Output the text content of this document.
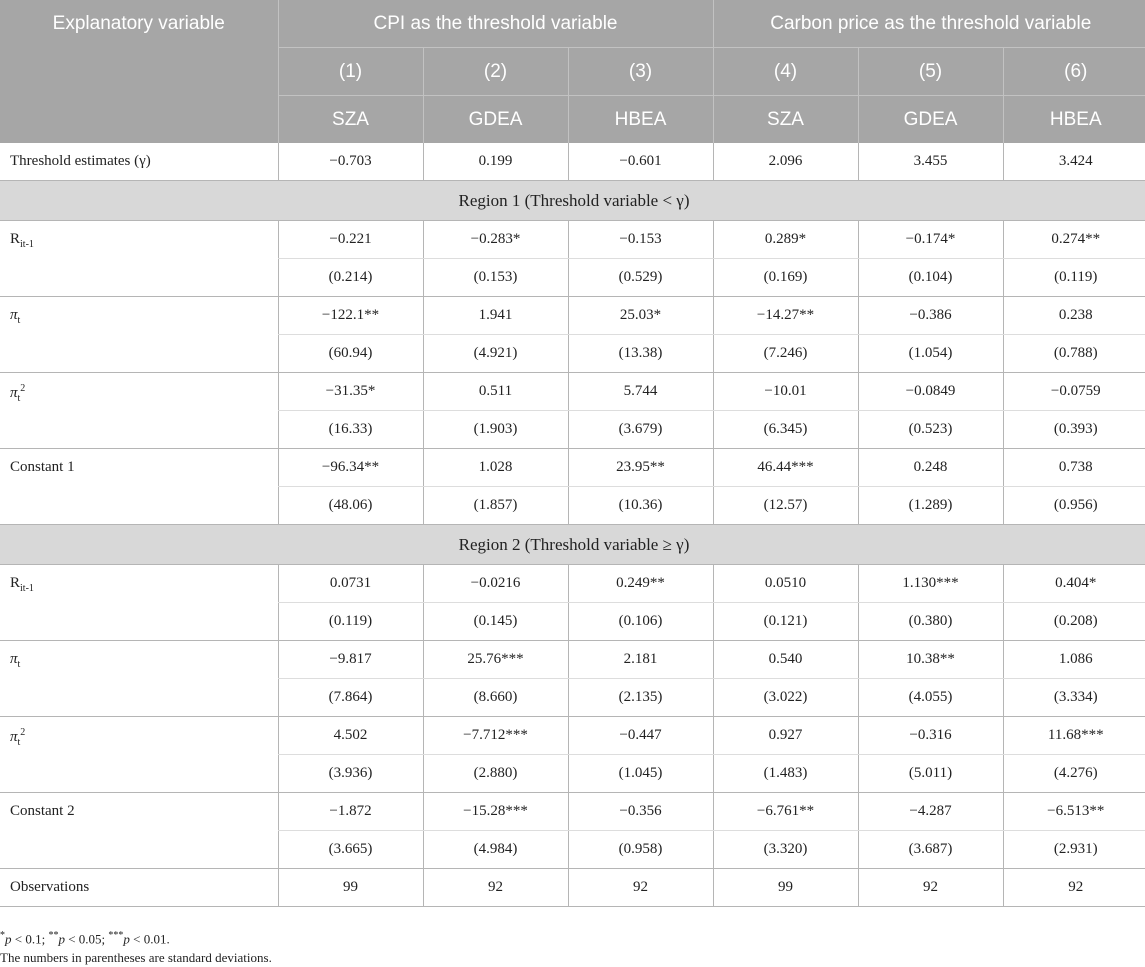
Explanatory variable	CPI as the threshold variable			Carbon price as the threshold variable		
	(1)	(2)	(3)	(4)	(5)	(6)
	SZA	GDEA	HBEA	SZA	GDEA	HBEA
Threshold estimates (γ)	−0.703	0.199	−0.601	2.096	3.455	3.424
Region 1 (Threshold variable < γ)						
$R_{it-1}$	−0.221	−0.283*	−0.153	0.289*	−0.174*	0.274**
	(0.214)	(0.153)	(0.529)	(0.169)	(0.104)	(0.119)
$\pi_t$	−122.1**	1.941	25.03*	−14.27**	−0.386	0.238
	(60.94)	(4.921)	(13.38)	(7.246)	(1.054)	(0.788)
$\pi_t^2$	−31.35*	0.511	5.744	−10.01	−0.0849	−0.0759
	(16.33)	(1.903)	(3.679)	(6.345)	(0.523)	(0.393)
Constant 1	−96.34**	1.028	23.95**	46.44***	0.248	0.738
	(48.06)	(1.857)	(10.36)	(12.57)	(1.289)	(0.956)
Region 2 (Threshold variable ≥ γ)						
$R_{it-1}$	0.0731	−0.0216	0.249**	0.0510	1.130***	0.404*
	(0.119)	(0.145)	(0.106)	(0.121)	(0.380)	(0.208)
$\pi_t$	−9.817	25.76***	2.181	0.540	10.38**	1.086
	(7.864)	(8.660)	(2.135)	(3.022)	(4.055)	(3.334)
$\pi_t^2$	4.502	−7.712***	−0.447	0.927	−0.316	11.68***
	(3.936)	(2.880)	(1.045)	(1.483)	(5.011)	(4.276)
Constant 2	−1.872	−15.28***	−0.356	−6.761**	−4.287	−6.513**
	(3.665)	(4.984)	(0.958)	(3.320)	(3.687)	(2.931)
Observations	99	92	92	99	92	92
*p < 0.1; **p < 0.05; ***p < 0.01.
The numbers in parentheses are standard deviations.
